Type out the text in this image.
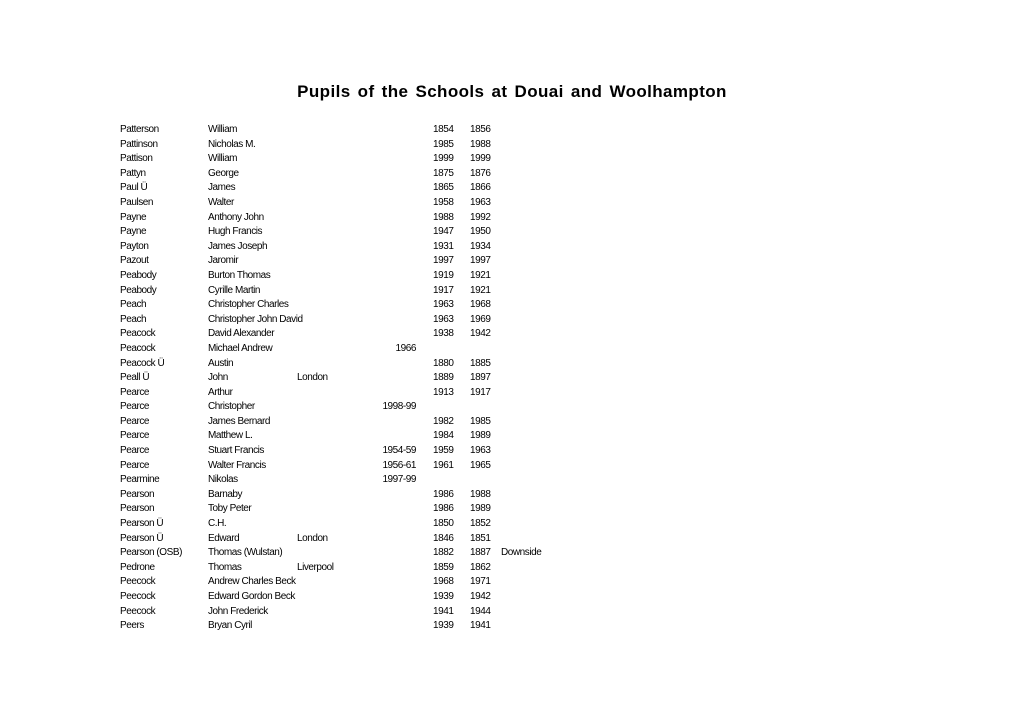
Pupils of the Schools at Douai and Woolhampton
Patterson	William	1854 1856
Pattinson	Nicholas M.	1985 1988
Pattison	William	1999 1999
Pattyn	George	1875 1876
Paul Ü	James	1865 1866
Paulsen	Walter	1958 1963
Payne	Anthony John	1988 1992
Payne	Hugh Francis	1947 1950
Payton	James Joseph	1931 1934
Pazout	Jaromir	1997 1997
Peabody	Burton Thomas	1919 1921
Peabody	Cyrille Martin	1917 1921
Peach	Christopher Charles	1963 1968
Peach	Christopher John David	1963 1969
Peacock	David Alexander	1938 1942
Peacock	Michael Andrew	1966
Peacock Ü	Austin	1880 1885
Peall Ü	John	London	1889 1897
Pearce	Arthur	1913 1917
Pearce	Christopher	1998-99
Pearce	James Bernard	1982 1985
Pearce	Matthew L.	1984 1989
Pearce	Stuart Francis	1954-59 1959 1963
Pearce	Walter Francis	1956-61 1961 1965
Pearmine	Nikolas	1997-99
Pearson	Barnaby	1986 1988
Pearson	Toby Peter	1986 1989
Pearson Ü	C.H.	1850 1852
Pearson Ü	Edward	London	1846 1851
Pearson (OSB)	Thomas (Wulstan)	1882 1887 Downside
Pedrone	Thomas	Liverpool	1859 1862
Peecock	Andrew Charles Beck	1968 1971
Peecock	Edward Gordon Beck	1939 1942
Peecock	John Frederick	1941 1944
Peers	Bryan Cyril	1939 1941
